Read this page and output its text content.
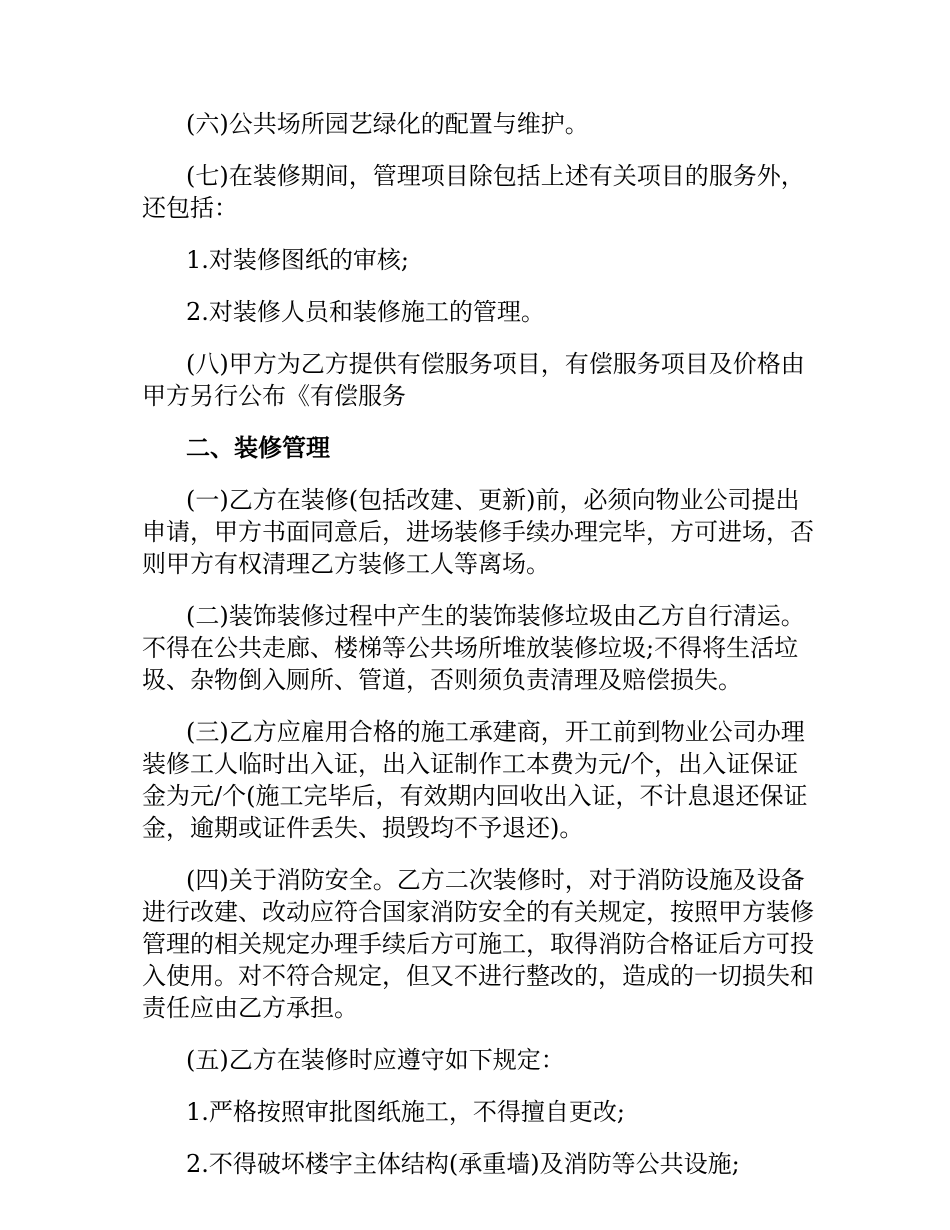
(六)公共场所园艺绿化的配置与维护。

(七)在装修期间，管理项目除包括上述有关项目的服务外，还包括：

1.对装修图纸的审核;

2.对装修人员和装修施工的管理。

(八)甲方为乙方提供有偿服务项目，有偿服务项目及价格由甲方另行公布《有偿服务

二、装修管理

(一)乙方在装修(包括改建、更新)前，必须向物业公司提出申请，甲方书面同意后，进场装修手续办理完毕，方可进场，否则甲方有权清理乙方装修工人等离场。

(二)装饰装修过程中产生的装饰装修垃圾由乙方自行清运。不得在公共走廊、楼梯等公共场所堆放装修垃圾;不得将生活垃圾、杂物倒入厕所、管道，否则须负责清理及赔偿损失。

(三)乙方应雇用合格的施工承建商，开工前到物业公司办理装修工人临时出入证，出入证制作工本费为元/个，出入证保证金为元/个(施工完毕后，有效期内回收出入证，不计息退还保证金，逾期或证件丢失、损毁均不予退还)。

(四)关于消防安全。乙方二次装修时，对于消防设施及设备进行改建、改动应符合国家消防安全的有关规定，按照甲方装修管理的相关规定办理手续后方可施工，取得消防合格证后方可投入使用。对不符合规定，但又不进行整改的，造成的一切损失和责任应由乙方承担。

(五)乙方在装修时应遵守如下规定：

1.严格按照审批图纸施工，不得擅自更改;

2.不得破坏楼宇主体结构(承重墙)及消防等公共设施;
